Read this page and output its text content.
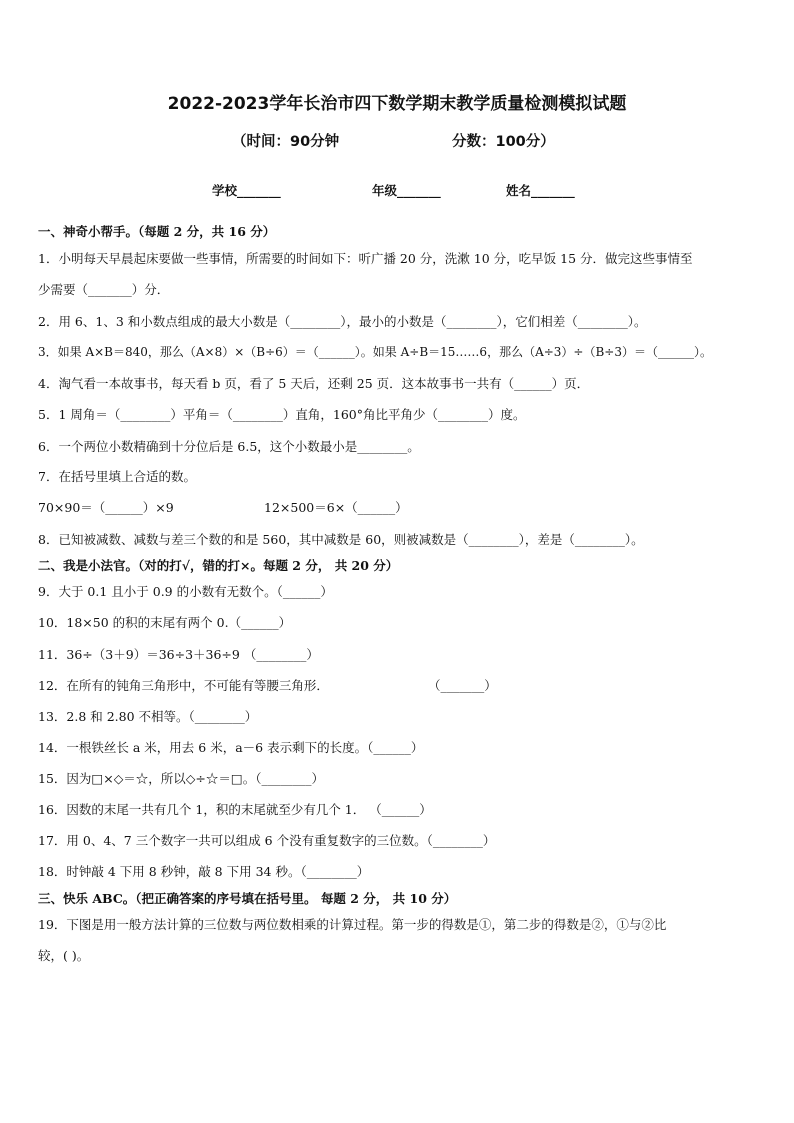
2022-2023学年长治市四下数学期末教学质量检测模拟试题
（时间：90分钟	分数：100分）
学校_______	年级_______	姓名_______
一、神奇小帮手。（每题 2 分，共 16 分）
1．小明每天早晨起床要做一些事情，所需要的时间如下：听广播 20 分，洗漱 10 分，吃早饭 15 分．做完这些事情至
少需要（_______）分．
2．用 6、1、3 和小数点组成的最大小数是（________），最小的小数是（________），它们相差（________）。
3．如果 A×B＝840，那么（A×8）×（B÷6）＝（______）。如果 A÷B＝15……6，那么（A÷3）÷（B÷3）＝（______）。
4．淘气看一本故事书，每天看 b 页，看了 5 天后，还剩 25 页．这本故事书一共有（______）页．
5．1 周角＝（________）平角＝（________）直角，160°角比平角少（________）度。
6．一个两位小数精确到十分位后是 6.5，这个小数最小是________。
7．在括号里填上合适的数。
70×90＝（______）×9	12×500＝6×（______）
8．已知被减数、减数与差三个数的和是 560，其中减数是 60，则被减数是（________），差是（________）。
二、我是小法官。（对的打√，错的打×。每题 2 分， 共 20 分）
9．大于 0.1 且小于 0.9 的小数有无数个。（______）
10．18×50 的积的末尾有两个 0.（______）
11．36÷（3＋9）＝36÷3＋36÷9 （________）
12．在所有的钝角三角形中，不可能有等腰三角形．	（_______）
13．2.8 和 2.80 不相等。（________）
14．一根铁丝长 a 米，用去 6 米，a－6 表示剩下的长度。（______）
15．因为□×◇＝☆，所以◇÷☆＝□。（________）
16．因数的末尾一共有几个 1，积的末尾就至少有几个 1． （______）
17．用 0、4、7 三个数字一共可以组成 6 个没有重复数字的三位数。（________）
18．时钟敲 4 下用 8 秒钟，敲 8 下用 34 秒。（________）
三、快乐 ABC。（把正确答案的序号填在括号里。 每题 2 分， 共 10 分）
19．下图是用一般方法计算的三位数与两位数相乘的计算过程。第一步的得数是①，第二步的得数是②，①与②比
较，( )。
